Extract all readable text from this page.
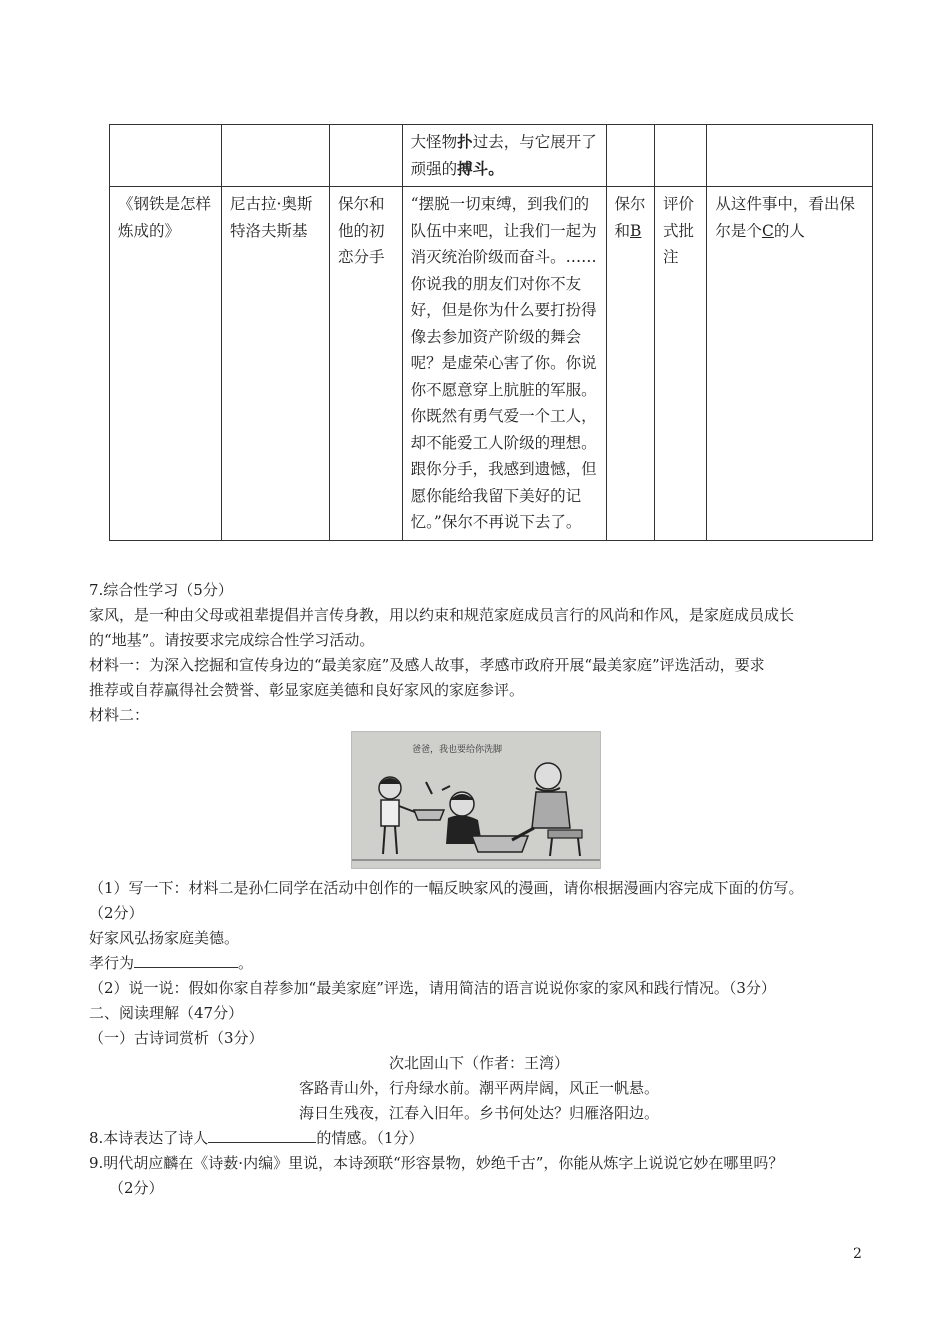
			大怪物扑过去，与它展开了顽强的搏斗。			
《钢铁是怎样炼成的》	尼古拉·奥斯特洛夫斯基	保尔和他的初恋分手	“摆脱一切束缚，到我们的队伍中来吧，让我们一起为消灭统治阶级而奋斗。……你说我的朋友们对你不友好，但是你为什么要打扮得像去参加资产阶级的舞会呢？是虚荣心害了你。你说你不愿意穿上肮脏的军服。你既然有勇气爱一个工人，却不能爱工人阶级的理想。跟你分手，我感到遗憾，但愿你能给我留下美好的记忆。”保尔不再说下去了。	保尔和B	评价式批注	从这件事中，看出保尔是个C的人
7.综合性学习（5分）
家风，是一种由父母或祖辈提倡并言传身教，用以约束和规范家庭成员言行的风尚和作风，是家庭成员成长
的“地基”。请按要求完成综合性学习活动。
材料一：为深入挖掘和宣传身边的“最美家庭”及感人故事，孝感市政府开展“最美家庭”评选活动，要求
推荐或自荐赢得社会赞誉、彰显家庭美德和良好家风的家庭参评。
材料二：
爸爸，我也要给你洗脚
（1）写一下：材料二是孙仁同学在活动中创作的一幅反映家风的漫画，请你根据漫画内容完成下面的仿写。
（2分）
好家风弘扬家庭美德。
孝行为	。
（2）说一说：假如你家自荐参加“最美家庭”评选，请用简洁的语言说说你家的家风和践行情况。（3分）
二、阅读理解（47分）
（一）古诗词赏析（3分）
次北固山下（作者：王湾）
客路青山外，行舟绿水前。潮平两岸阔，风正一帆悬。
海日生残夜，江春入旧年。乡书何处达？归雁洛阳边。
8.本诗表达了诗人	的情感。（1分）
9.明代胡应麟在《诗薮·内编》里说，本诗颈联“形容景物，妙绝千古”，你能从炼字上说说它妙在哪里吗？
（2分）
2
